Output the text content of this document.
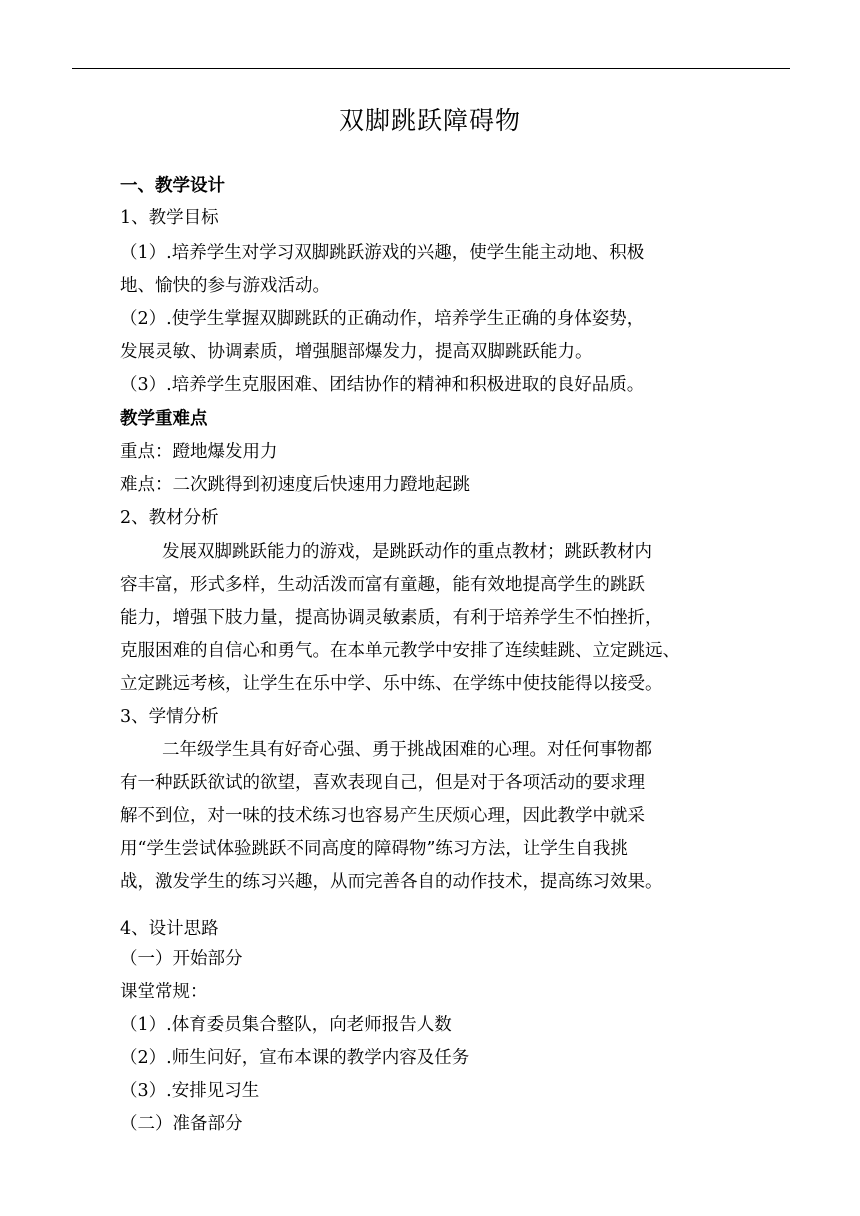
双脚跳跃障碍物
一、教学设计
1、教学目标
（1）.培养学生对学习双脚跳跃游戏的兴趣，使学生能主动地、积极
地、愉快的参与游戏活动。
（2）.使学生掌握双脚跳跃的正确动作，培养学生正确的身体姿势，
发展灵敏、协调素质，增强腿部爆发力，提高双脚跳跃能力。
（3）.培养学生克服困难、团结协作的精神和积极进取的良好品质。
教学重难点
重点：蹬地爆发用力
难点：二次跳得到初速度后快速用力蹬地起跳
2、教材分析
发展双脚跳跃能力的游戏，是跳跃动作的重点教材；跳跃教材内
容丰富，形式多样，生动活泼而富有童趣，能有效地提高学生的跳跃
能力，增强下肢力量，提高协调灵敏素质，有利于培养学生不怕挫折，
克服困难的自信心和勇气。在本单元教学中安排了连续蛙跳、立定跳远、
立定跳远考核，让学生在乐中学、乐中练、在学练中使技能得以接受。
3、学情分析
二年级学生具有好奇心强、勇于挑战困难的心理。对任何事物都
有一种跃跃欲试的欲望，喜欢表现自己，但是对于各项活动的要求理
解不到位，对一味的技术练习也容易产生厌烦心理，因此教学中就采
用“学生尝试体验跳跃不同高度的障碍物”练习方法，让学生自我挑
战，激发学生的练习兴趣，从而完善各自的动作技术，提高练习效果。
4、设计思路
（一）开始部分
课堂常规：
（1）.体育委员集合整队，向老师报告人数
（2）.师生问好，宣布本课的教学内容及任务
（3）.安排见习生
（二）准备部分
